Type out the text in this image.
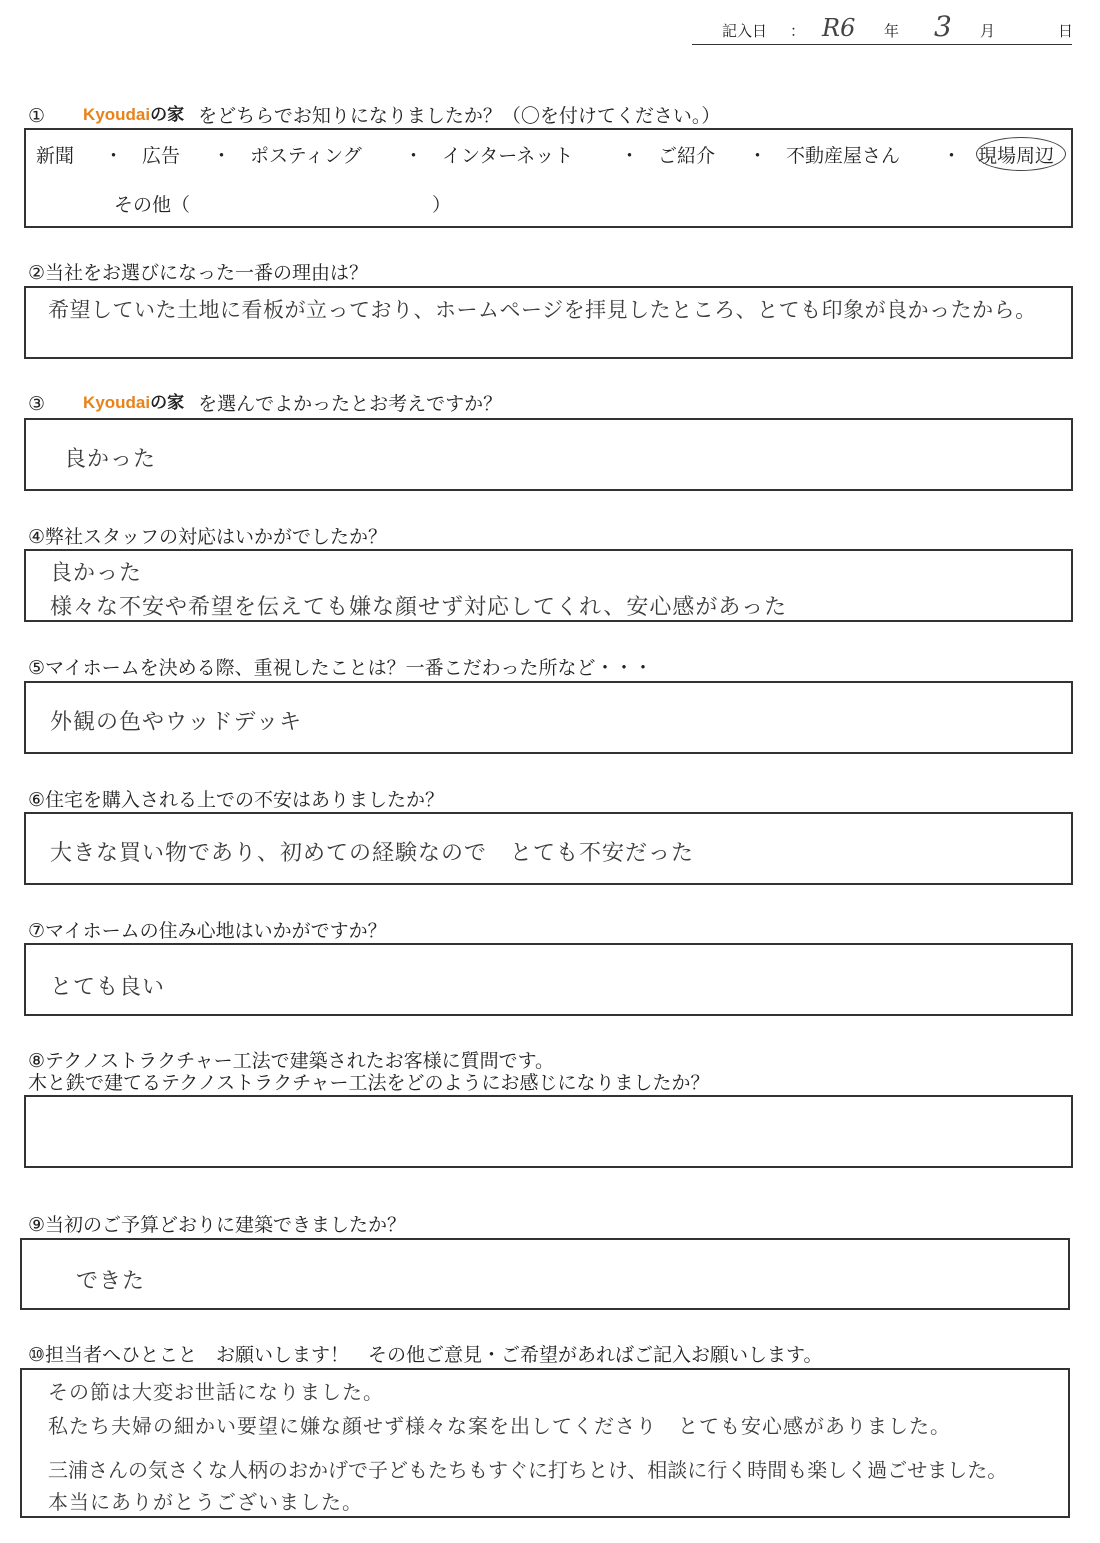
記入日 ： R6 年 3 月	日
① Kyoudaiの家 をどちらでお知りになりましたか？（〇を付けてください。）
新聞 ・ 広告 ・ ポスティング ・ インターネット ・ ご紹介 ・ 不動産屋さん ・ 現場周辺
その他（	）
②当社をお選びになった一番の理由は？
希望していた土地に看板が立っており、ホームページを拝見したところ、とても印象が良かったから。
③ Kyoudaiの家 を選んでよかったとお考えですか？
良かった
④弊社スタッフの対応はいかがでしたか？
良かった
様々な不安や希望を伝えても嫌な顔せず対応してくれ、安心感があった
⑤マイホームを決める際、重視したことは？一番こだわった所など・・・
外観の色やウッドデッキ
⑥住宅を購入される上での不安はありましたか？
大きな買い物であり、初めての経験なので　とても不安だった
⑦マイホームの住み心地はいかがですか？
とても良い
⑧テクノストラクチャー工法で建築されたお客様に質問です。
木と鉄で建てるテクノストラクチャー工法をどのようにお感じになりましたか？
⑨当初のご予算どおりに建築できましたか？
できた
⑩担当者へひとこと　お願いします！　その他ご意見・ご希望があればご記入お願いします。
その節は大変お世話になりました。
私たち夫婦の細かい要望に嫌な顔せず様々な案を出してくださり　とても安心感がありました。
三浦さんの気さくな人柄のおかげで子どもたちもすぐに打ちとけ、相談に行く時間も楽しく過ごせました。
本当にありがとうございました。
